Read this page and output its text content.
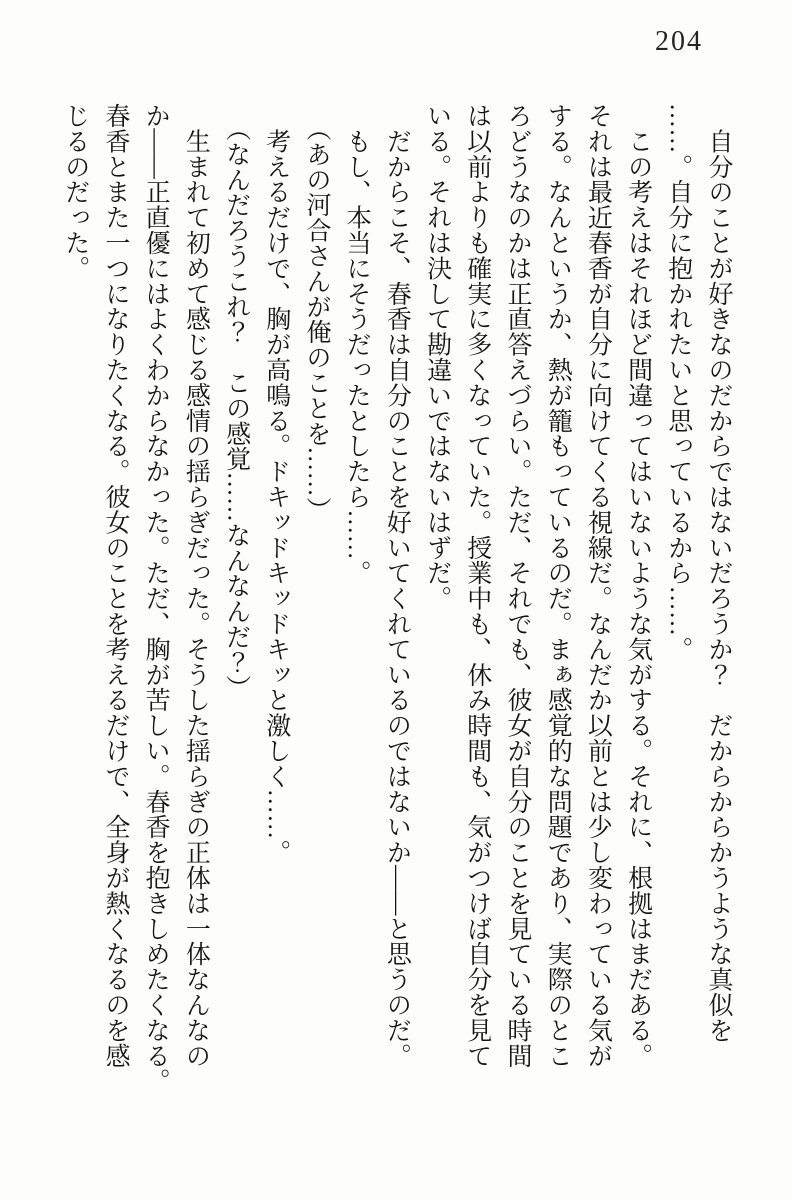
204
　自分のことが好きなのだからではないだろうか？　だからからかうような真似を
……。自分に抱かれたいと思っているから……。
　この考えはそれほど間違ってはいないような気がする。それに、根拠はまだある。
それは最近春香が自分に向けてくる視線だ。なんだか以前とは少し変わっている気が
する。なんというか、熱が籠もっているのだ。まぁ感覚的な問題であり、実際のとこ
ろどうなのかは正直答えづらい。ただ、それでも、彼女が自分のことを見ている時間
は以前よりも確実に多くなっていた。授業中も、休み時間も、気がつけば自分を見て
いる。それは決して勘違いではないはずだ。
　だからこそ、春香は自分のことを好いてくれているのではないか――と思うのだ。
　もし、本当にそうだったとしたら……。
（あの河合さんが俺のことを……）
　考えるだけで、胸が高鳴る。ドキッドキッドキッと激しく……。
（なんだろうこれ？　この感覚……なんなんだ？）
　生まれて初めて感じる感情の揺らぎだった。そうした揺らぎの正体は一体なんなの
か――正直優にはよくわからなかった。ただ、胸が苦しい。春香を抱きしめたくなる。
春香とまた一つになりたくなる。彼女のことを考えるだけで、全身が熱くなるのを感
じるのだった。
